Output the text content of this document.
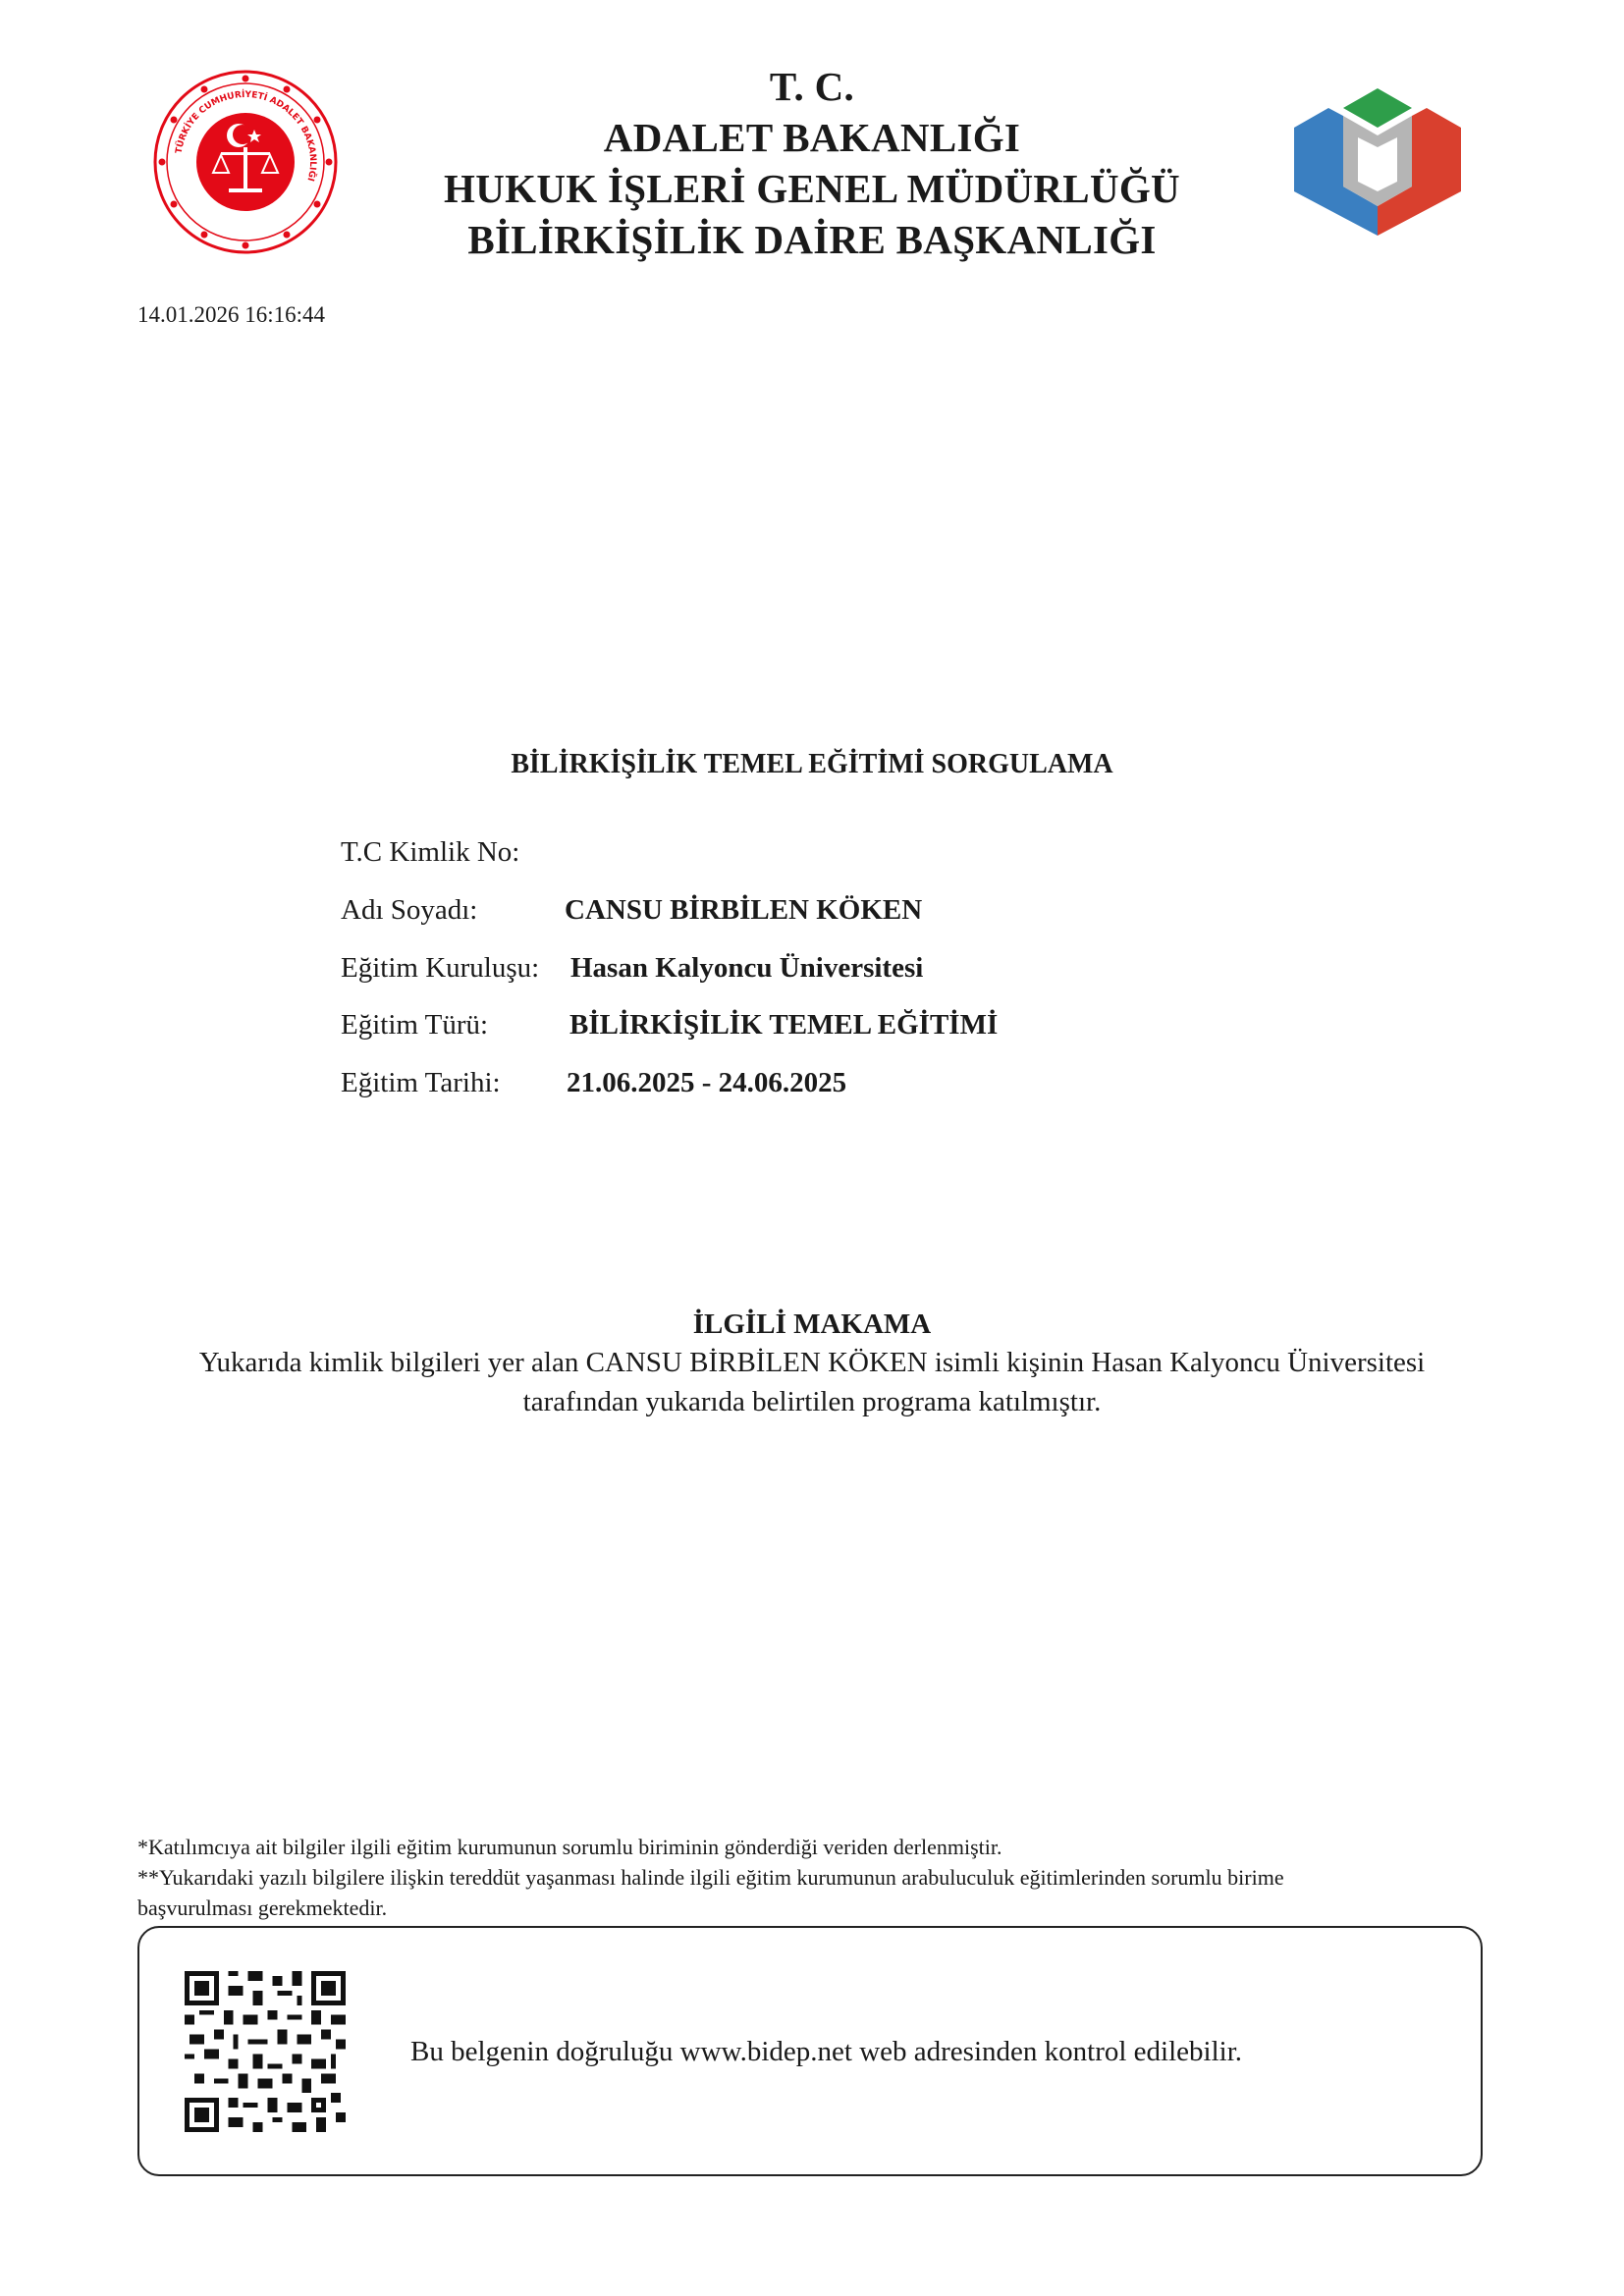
TÜRKİYE CUMHURİYETİ ADALET BAKANLIĞI
T. C.
ADALET BAKANLIĞI
HUKUK İŞLERİ GENEL MÜDÜRLÜĞÜ
BİLİRKİŞİLİK DAİRE BAŞKANLIĞI
14.01.2026 16:16:44
BİLİRKİŞİLİK TEMEL EĞİTİMİ SORGULAMA
T.C Kimlik No:
Adı Soyadı:	CANSU BİRBİLEN KÖKEN
Eğitim Kuruluşu: Hasan Kalyoncu Üniversitesi
Eğitim Türü:	BİLİRKİŞİLİK TEMEL EĞİTİMİ
Eğitim Tarihi: 21.06.2025 - 24.06.2025
İLGİLİ MAKAMA
Yukarıda kimlik bilgileri yer alan CANSU BİRBİLEN KÖKEN isimli kişinin Hasan Kalyoncu Üniversitesi
tarafından yukarıda belirtilen programa katılmıştır.
*Katılımcıya ait bilgiler ilgili eğitim kurumunun sorumlu biriminin gönderdiği veriden derlenmiştir.
**Yukarıdaki yazılı bilgilere ilişkin tereddüt yaşanması halinde ilgili eğitim kurumunun arabuluculuk eğitimlerinden sorumlu birime
başvurulması gerekmektedir.
Bu belgenin doğruluğu www.bidep.net web adresinden kontrol edilebilir.
